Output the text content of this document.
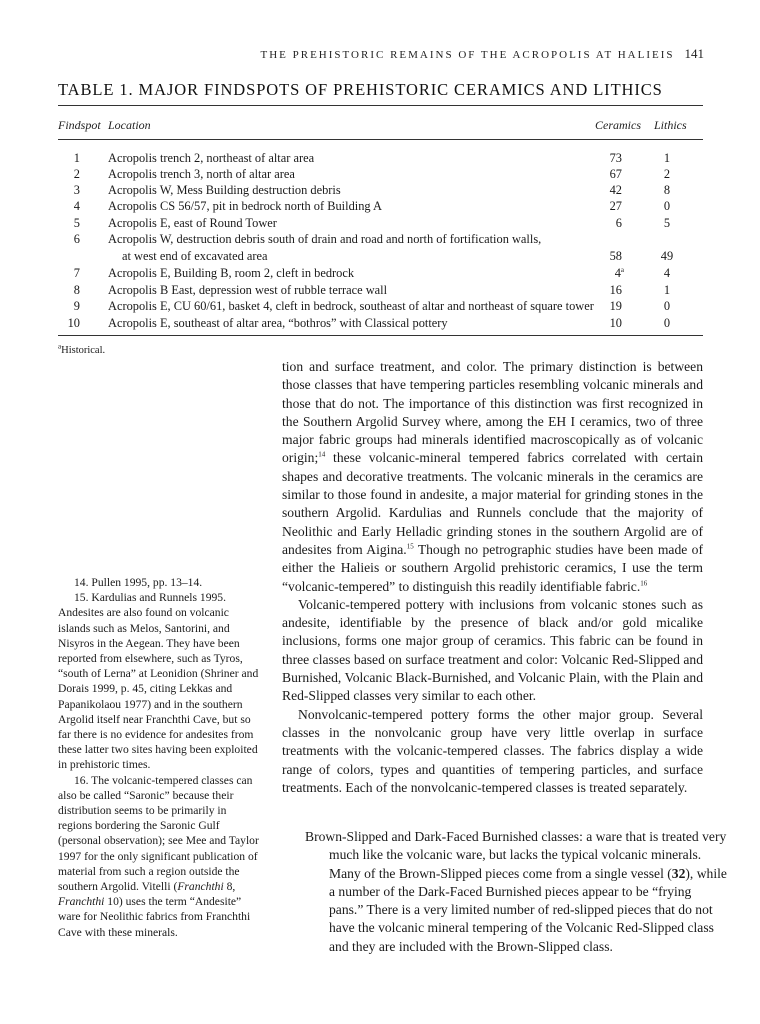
THE PREHISTORIC REMAINS OF THE ACROPOLIS AT HALIEIS 141
TABLE 1. MAJOR FINDSPOTS OF PREHISTORIC CERAMICS AND LITHICS
Findspot Location	Ceramics Lithics
1 Acropolis trench 2, northeast of altar area	73	1
2 Acropolis trench 3, north of altar area	67	2
3 Acropolis W, Mess Building destruction debris	42	8
4 Acropolis CS 56/57, pit in bedrock north of Building A	27	0
5 Acropolis E, east of Round Tower	6	5
6 Acropolis W, destruction debris south of drain and road and north of fortification walls,
at west end of excavated area	58	49
7 Acropolis E, Building B, room 2, cleft in bedrock	4$^a$	4
8 Acropolis B East, depression west of rubble terrace wall	16	1
9 Acropolis E, CU 60/61, basket 4, cleft in bedrock, southeast of altar and northeast of square tower	19	0
10 Acropolis E, southeast of altar area, “bothros” with Classical pottery	10	0
$^a$Historical.

tion and surface treatment, and color. The primary distinction is between those classes that have tempering particles resembling volcanic minerals and those that do not. The importance of this distinction was first recognized in the Southern Argolid Survey where, among the EH I ceramics, two of three major fabric groups had minerals identified macroscopically as of volcanic origin;$^{14}$ these volcanic-mineral tempered fabrics correlated with certain shapes and decorative treatments. The volcanic minerals in the ceramics are similar to those found in andesite, a major material for grinding stones in the southern Argolid. Kardulias and Runnels conclude that the majority of Neolithic and Early Helladic grinding stones in the southern Argolid are of andesites from Aigina.$^{15}$ Though no petrographic studies have been made of either the Halieis or southern Argolid prehistoric ceramics, I use the term “volcanic-tempered” to distinguish this readily identifiable fabric.$^{16}$

Volcanic-tempered pottery with inclusions from volcanic stones such as andesite, identifiable by the presence of black and/or gold micalike inclusions, forms one major group of ceramics. This fabric can be found in three classes based on surface treatment and color: Volcanic Red-Slipped and Burnished, Volcanic Black-Burnished, and Volcanic Plain, with the Plain and Red-Slipped classes very similar to each other.

Nonvolcanic-tempered pottery forms the other major group. Several classes in the nonvolcanic group have very little overlap in surface treatments with the volcanic-tempered classes. The fabrics display a wide range of colors, types and quantities of tempering particles, and surface treatments. Each of the nonvolcanic-tempered classes is treated separately.

Brown-Slipped and Dark-Faced Burnished classes: a ware that is treated very much like the volcanic ware, but lacks the typical volcanic minerals. Many of the Brown-Slipped pieces come from a single vessel (32), while a number of the Dark-Faced Burnished pieces appear to be “frying pans.” There is a very limited number of red-slipped pieces that do not have the volcanic mineral tempering of the Volcanic Red-Slipped class and they are included with the Brown-Slipped class.

14. Pullen 1995, pp. 13–14.

15. Kardulias and Runnels 1995. Andesites are also found on volcanic islands such as Melos, Santorini, and Nisyros in the Aegean. They have been reported from elsewhere, such as Tyros, “south of Lerna” at Leonidion (Shriner and Dorais 1999, p. 45, citing Lekkas and Papanikolaou 1977) and in the southern Argolid itself near Franchthi Cave, but so far there is no evidence for andesites from these latter two sites having been exploited in prehistoric times.

16. The volcanic-tempered classes can also be called “Saronic” because their distribution seems to be primarily in regions bordering the Saronic Gulf (personal observation); see Mee and Taylor 1997 for the only significant publication of material from such a region outside the southern Argolid. Vitelli (Franchthi 8, Franchthi 10) uses the term “Andesite” ware for Neolithic fabrics from Franchthi Cave with these minerals.
